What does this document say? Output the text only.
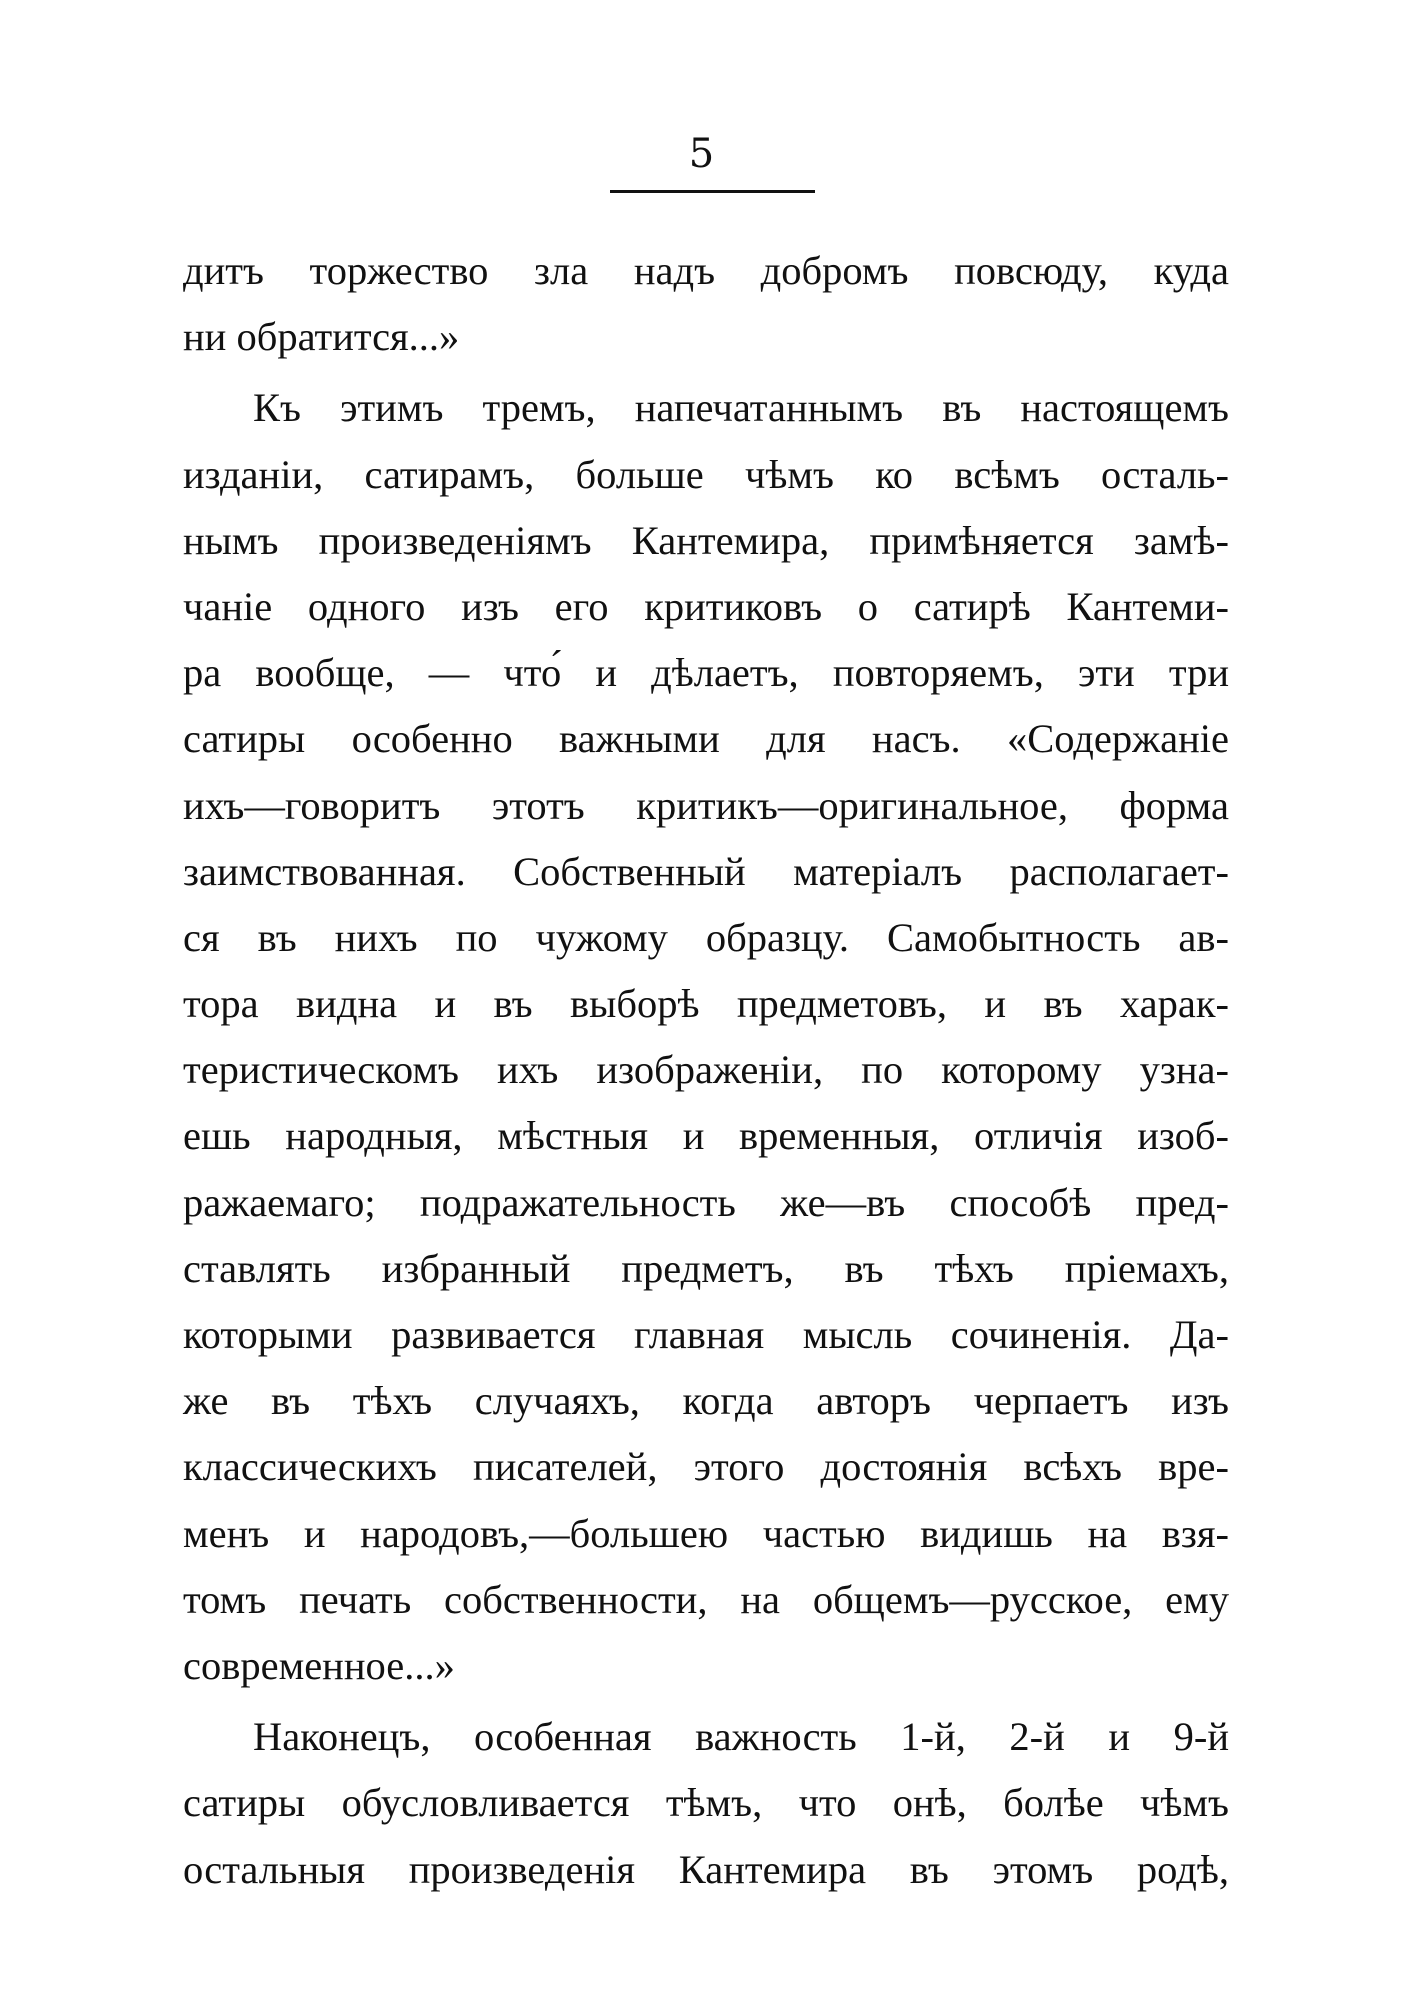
5
дитъ торжество зла надъ добромъ повсюду, куда
ни обратится...»
Къ этимъ тремъ, напечатаннымъ въ настоящемъ
изданіи, сатирамъ, больше чѣмъ ко всѣмъ осталь-
нымъ произведеніямъ Кантемира, примѣняется замѣ-
чаніе одного изъ его критиковъ о сатирѣ Кантеми-
ра вообще, — что́ и дѣлаетъ, повторяемъ, эти три
сатиры особенно важными для насъ. «Содержаніе
ихъ—говоритъ этотъ критикъ—оригинальное, форма
заимствованная. Собственный матеріалъ располагает-
ся въ нихъ по чужому образцу. Самобытность ав-
тора видна и въ выборѣ предметовъ, и въ харак-
теристическомъ ихъ изображеніи, по которому узна-
ешь народныя, мѣстныя и временныя, отличія изоб-
ражаемаго; подражательность же—въ способѣ пред-
ставлять избранный предметъ, въ тѣхъ пріемахъ,
которыми развивается главная мысль сочиненія. Да-
же въ тѣхъ случаяхъ, когда авторъ черпаетъ изъ
классическихъ писателей, этого достоянія всѣхъ вре-
менъ и народовъ,—большею частью видишь на взя-
томъ печать собственности, на общемъ—русское, ему
современное...»
Наконецъ, особенная важность 1-й, 2-й и 9-й
сатиры обусловливается тѣмъ, что онѣ, болѣе чѣмъ
остальныя произведенія Кантемира въ этомъ родѣ,
